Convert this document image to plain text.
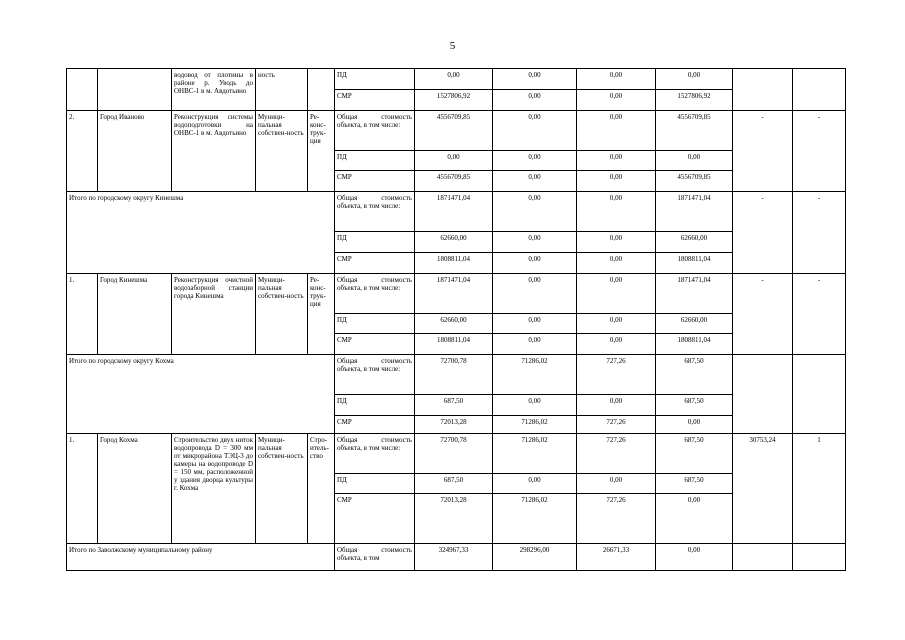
5
		водовод от плотины в районе р. Уводь до ОНВС-1 в м. Авдотьино	ность		ПД	0,00	0,00	0,00	0,00		
					СМР	1527806,92	0,00	0,00	1527806,92		
2.	Город Иваново	Реконструкция системы водоподготовки на ОНВС-1 в м. Авдотьино	Муници-пальная собствен-ность	Ре-конс-трук-ция	Общая стоимость объекта, в том числе:	4556709,85	0,00	0,00	4556709,85	-	-
					ПД	0,00	0,00	0,00	0,00		
					СМР	4556709,85	0,00	0,00	4556709,85		
Итого по городскому округу Кинешма					Общая стоимость объекта, в том числе:	1871471,04	0,00	0,00	1871471,04	-	-
					ПД	62660,00	0,00	0,00	62660,00		
					СМР	1808811,04	0,00	0,00	1808811,04		
1.	Город Кинешма	Реконструкция очистной водозаборной станции города Кинешма	Муници-пальная собствен-ность	Ре-конс-трук-ция	Общая стоимость объекта, в том числе:	1871471,04	0,00	0,00	1871471,04	-	-
					ПД	62660,00	0,00	0,00	62660,00		
					СМР	1808811,04	0,00	0,00	1808811,04		
Итого по городскому округу Кохма					Общая стоимость объекта, в том числе:	72700,78	71286,02	727,26	687,50		
					ПД	687,50	0,00	0,00	687,50		
					СМР	72013,28	71286,02	727,26	0,00		
1.	Город Кохма	Строительство двух ниток водопровода D = 300 мм от микрорайона ТЭЦ-3 до камеры на водопроводе D = 150 мм, расположенной у здания дворца культуры г. Кохма	Муници-пальная собствен-ность	Стро-итель-ство	Общая стоимость объекта, в том числе:	72700,78	71286,02	727,26	687,50	30753,24	1
					ПД	687,50	0,00	0,00	687,50		
					СМР	72013,28	71286,02	727,26	0,00		
Итого по Заволжскому муниципальному району					Общая стоимость объекта, в том	324967,33	298296,00	26671,33	0,00		
